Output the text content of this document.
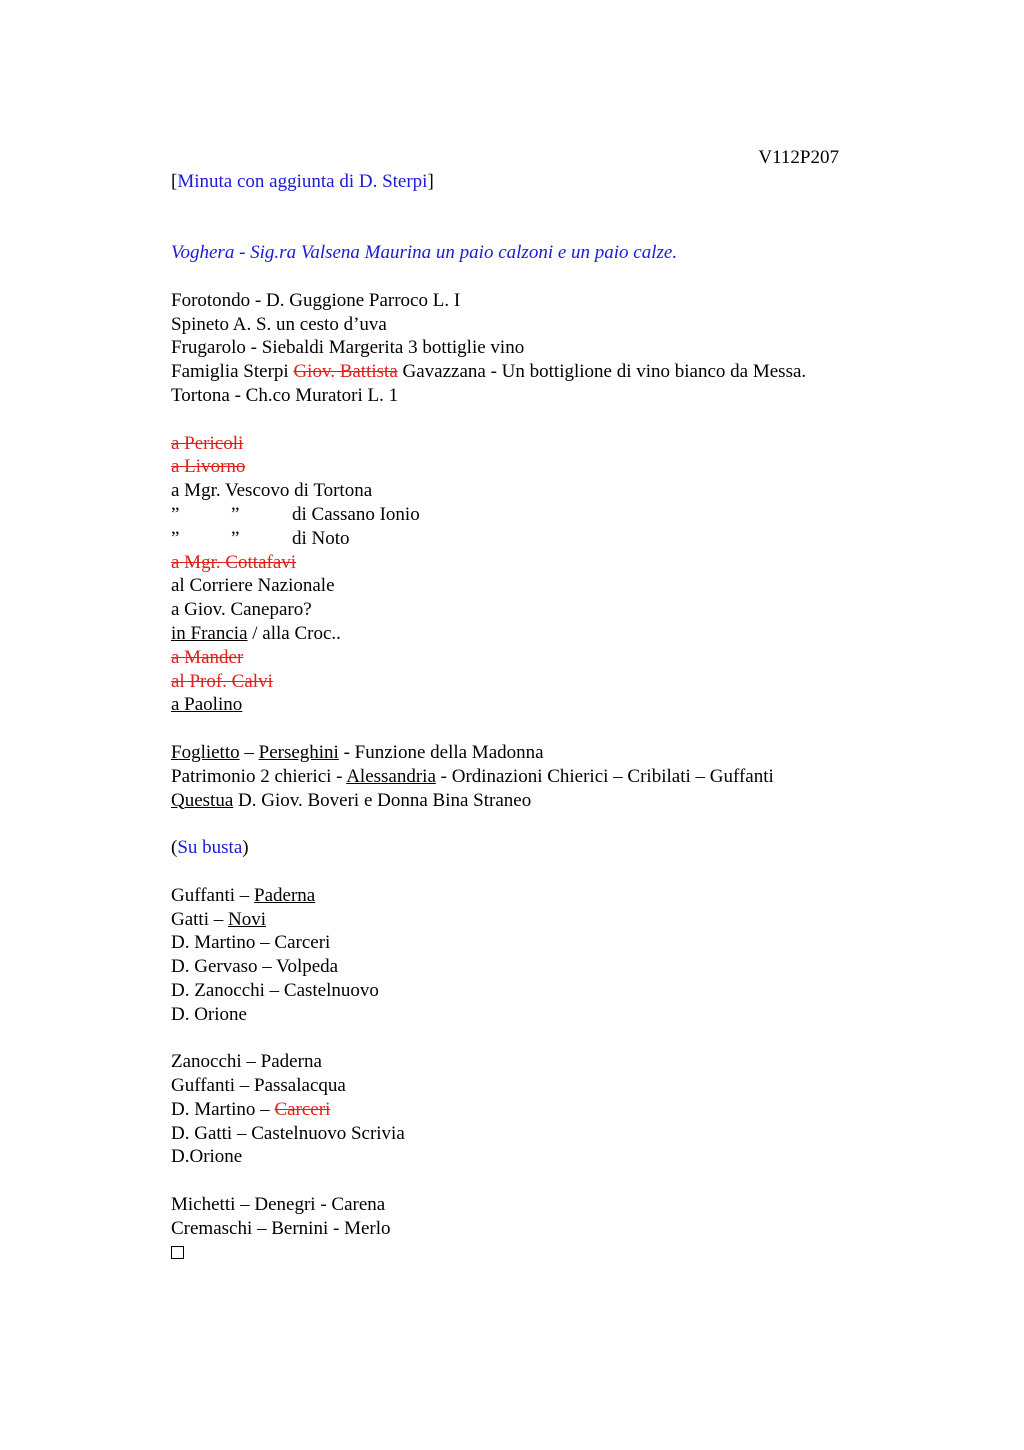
V112P207
[Minuta con aggiunta di D. Sterpi]
Voghera - Sig.ra Valsena Maurina un paio calzoni e un paio calze.
Forotondo - D. Guggione Parroco L. I
Spineto A. S. un cesto d’uva
Frugarolo - Siebaldi Margerita 3 bottiglie vino
Famiglia Sterpi Giov. Battista Gavazzana - Un bottiglione di vino bianco da Messa.
Tortona - Ch.co Muratori L. 1
a Pericoli
a Livorno
a Mgr. Vescovo di Tortona
”	”	di Cassano Ionio
”	”	di Noto
a Mgr. Cottafavi
al Corriere Nazionale
a Giov. Caneparo?
in Francia / alla Croc..
a Mander
al Prof. Calvi
a Paolino
Foglietto – Perseghini - Funzione della Madonna
Patrimonio 2 chierici - Alessandria - Ordinazioni Chierici – Cribilati – Guffanti
Questua D. Giov. Boveri e Donna Bina Straneo
(Su busta)
Guffanti – Paderna
Gatti – Novi
D. Martino – Carceri
D. Gervaso – Volpeda
D. Zanocchi – Castelnuovo
D. Orione
Zanocchi – Paderna
Guffanti – Passalacqua
D. Martino – Carceri
D. Gatti – Castelnuovo Scrivia
D.Orione
Michetti – Denegri - Carena
Cremaschi – Bernini - Merlo
